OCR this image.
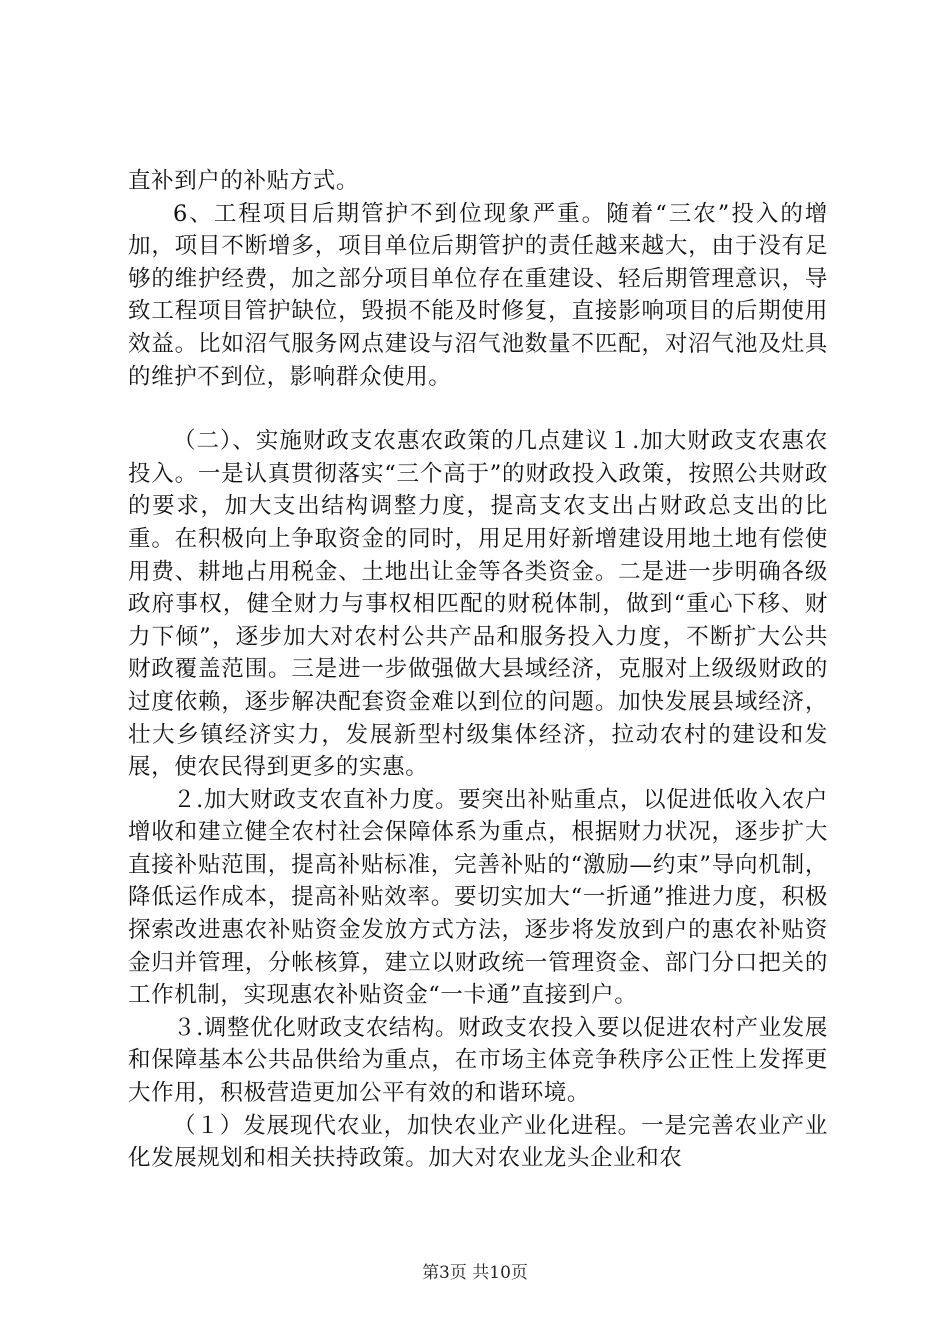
直补到户的补贴方式。

6、工程项目后期管护不到位现象严重。随着“三农”投入的增加，项目不断增多，项目单位后期管护的责任越来越大，由于没有足够的维护经费，加之部分项目单位存在重建设、轻后期管理意识，导致工程项目管护缺位，毁损不能及时修复，直接影响项目的后期使用效益。比如沼气服务网点建设与沼气池数量不匹配，对沼气池及灶具的维护不到位，影响群众使用。

（二）、实施财政支农惠农政策的几点建议１.加大财政支农惠农投入。一是认真贯彻落实“三个高于”的财政投入政策，按照公共财政的要求，加大支出结构调整力度，提高支农支出占财政总支出的比重。在积极向上争取资金的同时，用足用好新增建设用地土地有偿使用费、耕地占用税金、土地出让金等各类资金。二是进一步明确各级政府事权，健全财力与事权相匹配的财税体制，做到“重心下移、财力下倾”，逐步加大对农村公共产品和服务投入力度，不断扩大公共财政覆盖范围。三是进一步做强做大县域经济，克服对上级级财政的过度依赖，逐步解决配套资金难以到位的问题。加快发展县域经济，壮大乡镇经济实力，发展新型村级集体经济，拉动农村的建设和发展，使农民得到更多的实惠。

２.加大财政支农直补力度。要突出补贴重点，以促进低收入农户增收和建立健全农村社会保障体系为重点，根据财力状况，逐步扩大直接补贴范围，提高补贴标准，完善补贴的“激励—约束”导向机制，降低运作成本，提高补贴效率。要切实加大“一折通”推进力度，积极探索改进惠农补贴资金发放方式方法，逐步将发放到户的惠农补贴资金归并管理，分帐核算，建立以财政统一管理资金、部门分口把关的工作机制，实现惠农补贴资金“一卡通”直接到户。

３.调整优化财政支农结构。财政支农投入要以促进农村产业发展和保障基本公共品供给为重点，在市场主体竞争秩序公正性上发挥更大作用，积极营造更加公平有效的和谐环境。

（１）发展现代农业，加快农业产业化进程。一是完善农业产业化发展规划和相关扶持政策。加大对农业龙头企业和农

第3页 共10页
